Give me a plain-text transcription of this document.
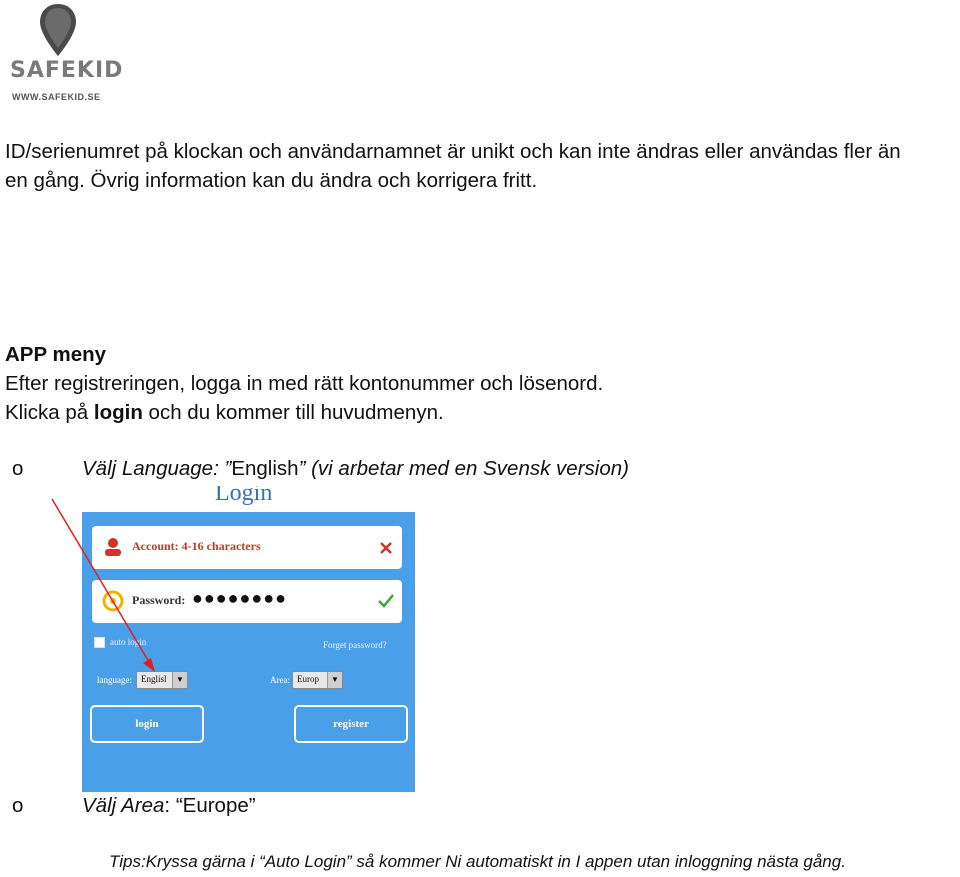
SAFEKID
WWW.SAFEKID.SE
ID/serienumret på klockan och användarnamnet är unikt och kan inte ändras eller användas fler än
en gång. Övrig information kan du ändra och korrigera fritt.
APP meny
Efter registreringen, logga in med rätt kontonummer och lösenord.
Klicka på login och du kommer till huvudmenyn.
o	Välj Language: ”English” (vi arbetar med en Svensk version)
Login
Account: 4-16 characters
Password: ●●●●●●●●
auto login	Forget password?
language: Englisl	▼	Area: Europ	▼
login	register
o	Välj Area: “Europe”
Tips:Kryssa gärna i “Auto Login” så kommer Ni automatiskt in I appen utan inloggning nästa gång.
